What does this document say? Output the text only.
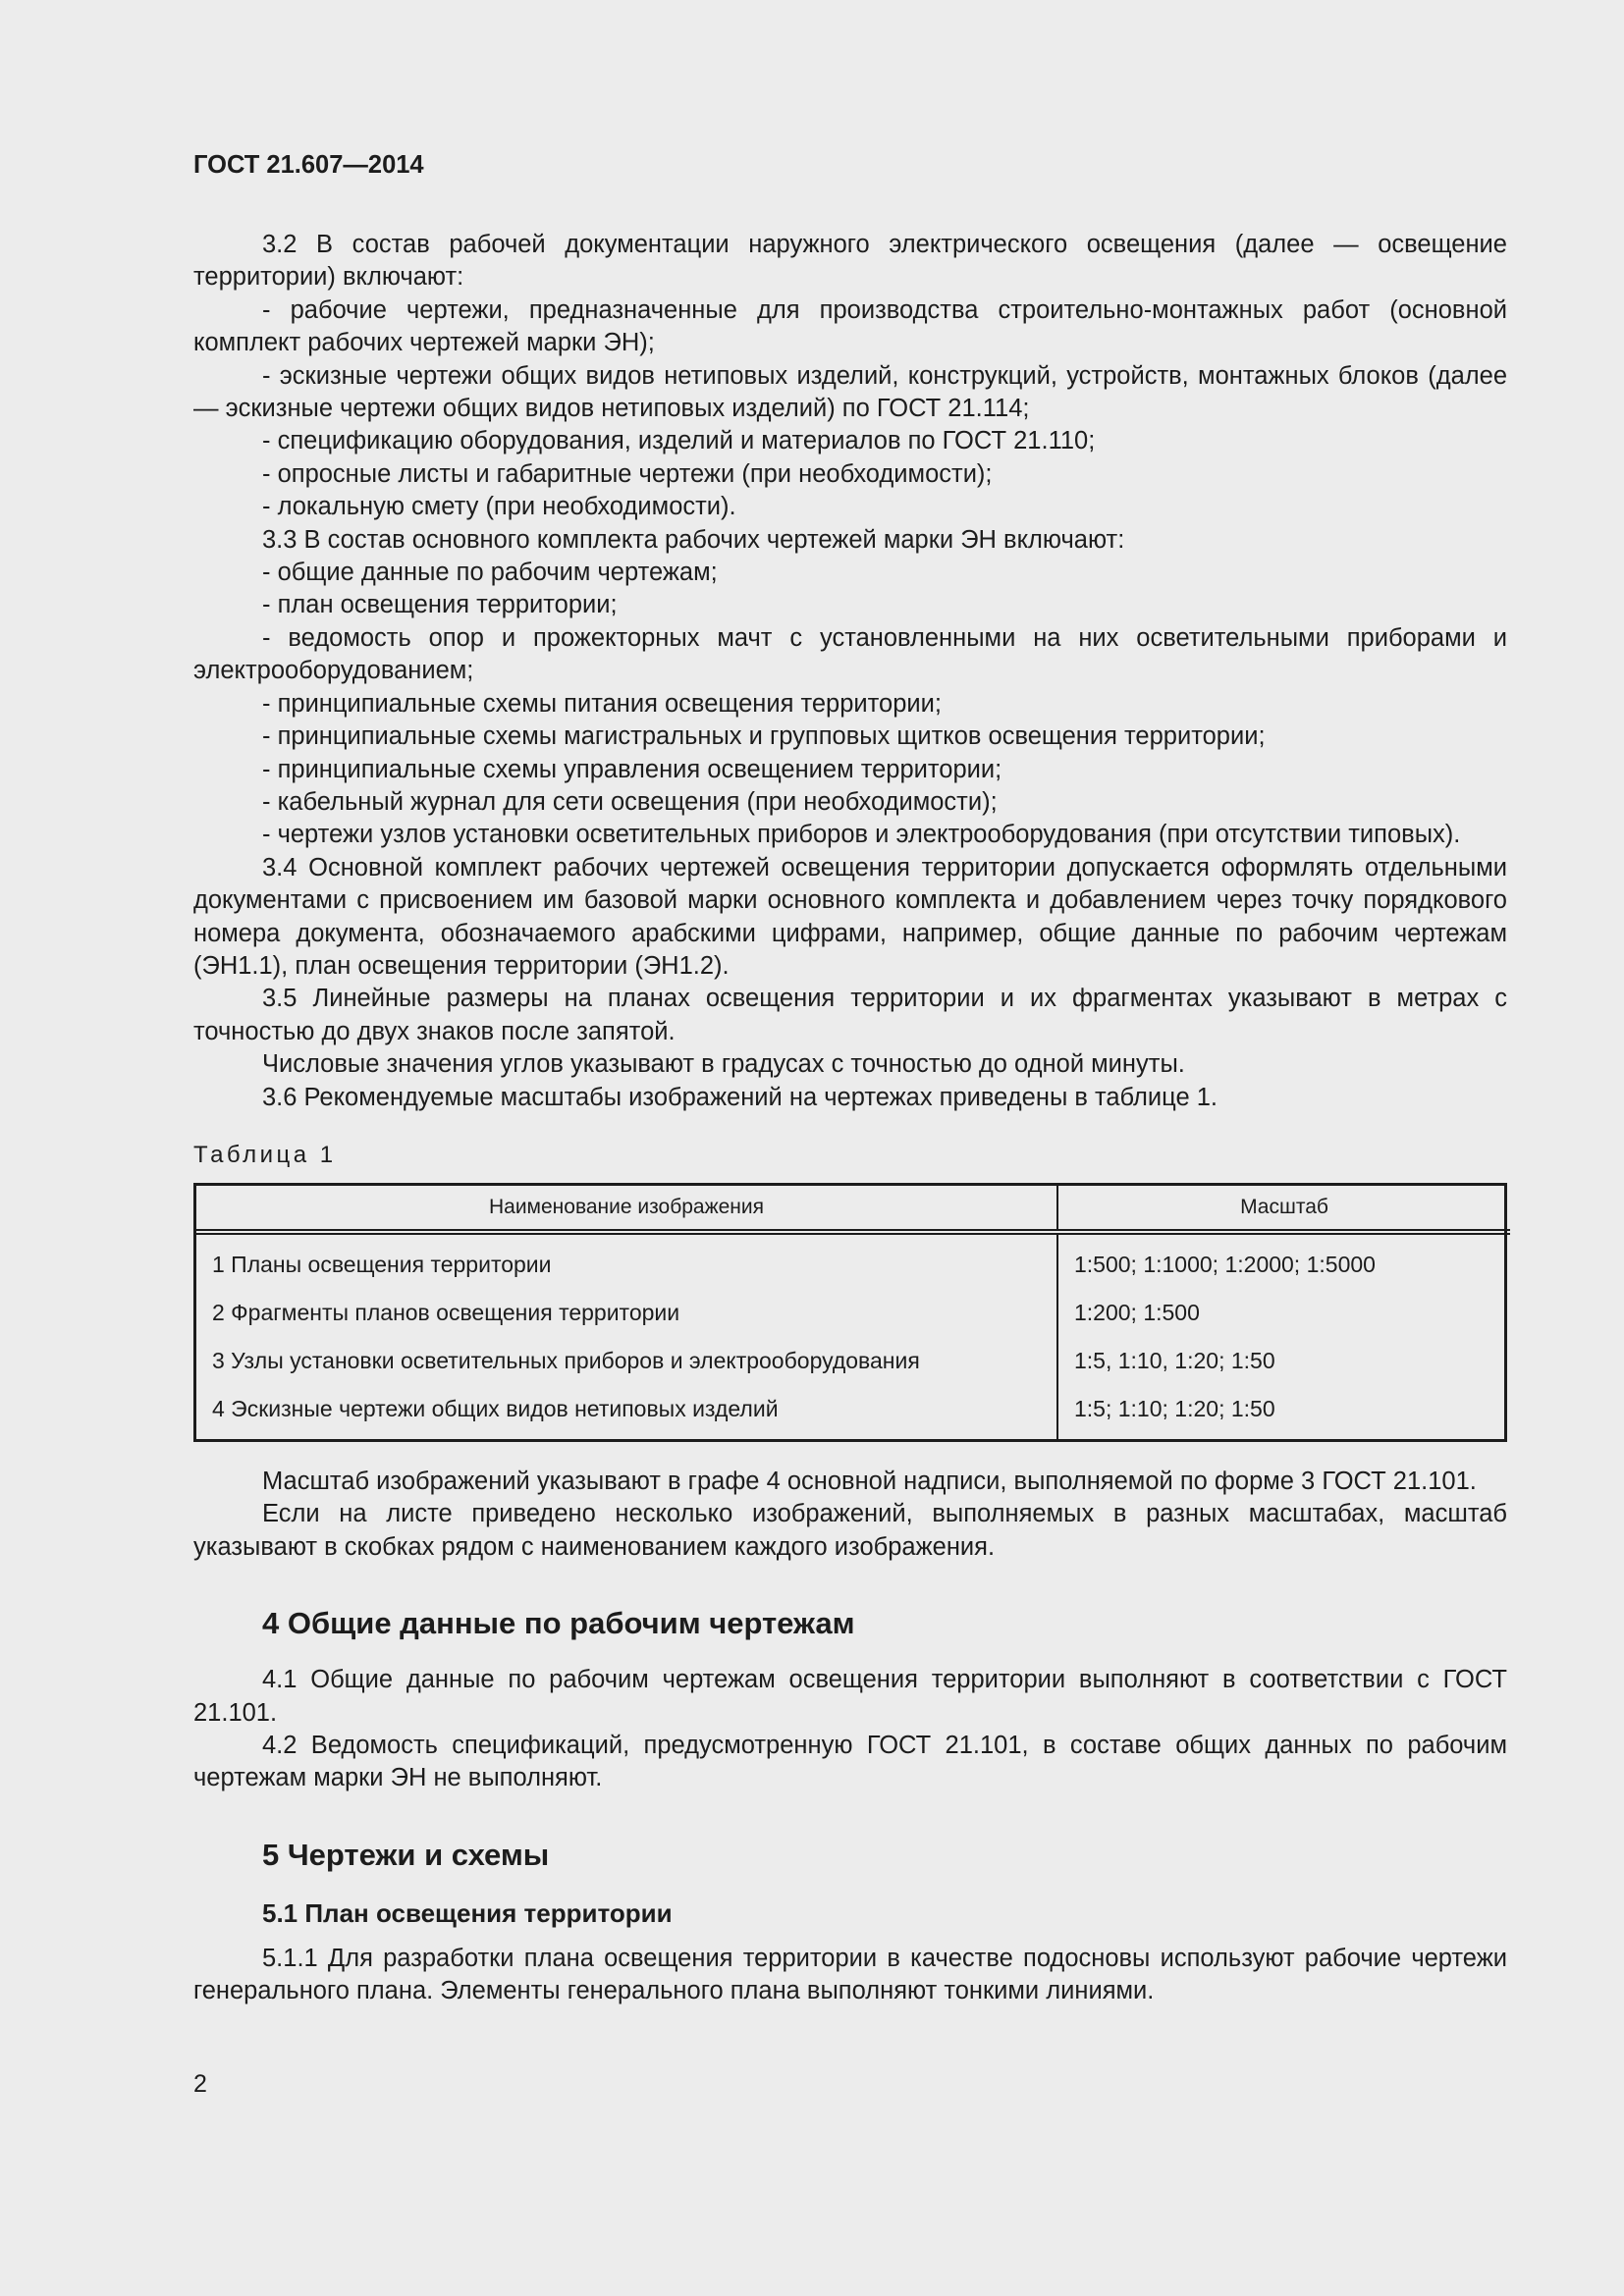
ГОСТ 21.607—2014

3.2 В состав рабочей документации наружного электрического освещения (далее — освещение территории) включают:

- рабочие чертежи, предназначенные для производства строительно-монтажных работ (основной комплект рабочих чертежей марки ЭН);

- эскизные чертежи общих видов нетиповых изделий, конструкций, устройств, монтажных блоков (далее — эскизные чертежи общих видов нетиповых изделий) по ГОСТ 21.114;

- спецификацию оборудования, изделий и материалов по ГОСТ 21.110;

- опросные листы и габаритные чертежи (при необходимости);

- локальную смету (при необходимости).

3.3 В состав основного комплекта рабочих чертежей марки ЭН включают:

- общие данные по рабочим чертежам;

- план освещения территории;

- ведомость опор и прожекторных мачт с установленными на них осветительными приборами и электрооборудованием;

- принципиальные схемы питания освещения территории;

- принципиальные схемы магистральных и групповых щитков освещения территории;

- принципиальные схемы управления освещением территории;

- кабельный журнал для сети освещения (при необходимости);

- чертежи узлов установки осветительных приборов и электрооборудования (при отсутствии типовых).

3.4 Основной комплект рабочих чертежей освещения территории допускается оформлять отдельными документами с присвоением им базовой марки основного комплекта и добавлением через точку порядкового номера документа, обозначаемого арабскими цифрами, например, общие данные по рабочим чертежам (ЭН1.1), план освещения территории (ЭН1.2).

3.5 Линейные размеры на планах освещения территории и их фрагментах указывают в метрах с точностью до двух знаков после запятой.

Числовые значения углов указывают в градусах с точностью до одной минуты.

3.6 Рекомендуемые масштабы изображений на чертежах приведены в таблице 1.

Таблица 1
Наименование изображения	Масштаб
1 Планы освещения территории	1:500; 1:1000; 1:2000; 1:5000
2 Фрагменты планов освещения территории	1:200; 1:500
3 Узлы установки осветительных приборов и электрооборудования	1:5, 1:10, 1:20; 1:50
4 Эскизные чертежи общих видов нетиповых изделий	1:5; 1:10; 1:20; 1:50

Масштаб изображений указывают в графе 4 основной надписи, выполняемой по форме 3 ГОСТ 21.101.

Если на листе приведено несколько изображений, выполняемых в разных масштабах, масштаб указывают в скобках рядом с наименованием каждого изображения.

4 Общие данные по рабочим чертежам

4.1 Общие данные по рабочим чертежам освещения территории выполняют в соответствии с ГОСТ 21.101.

4.2 Ведомость спецификаций, предусмотренную ГОСТ 21.101, в составе общих данных по рабочим чертежам марки ЭН не выполняют.

5 Чертежи и схемы
5.1 План освещения территории

5.1.1 Для разработки плана освещения территории в качестве подосновы используют рабочие чертежи генерального плана. Элементы генерального плана выполняют тонкими линиями.

2
